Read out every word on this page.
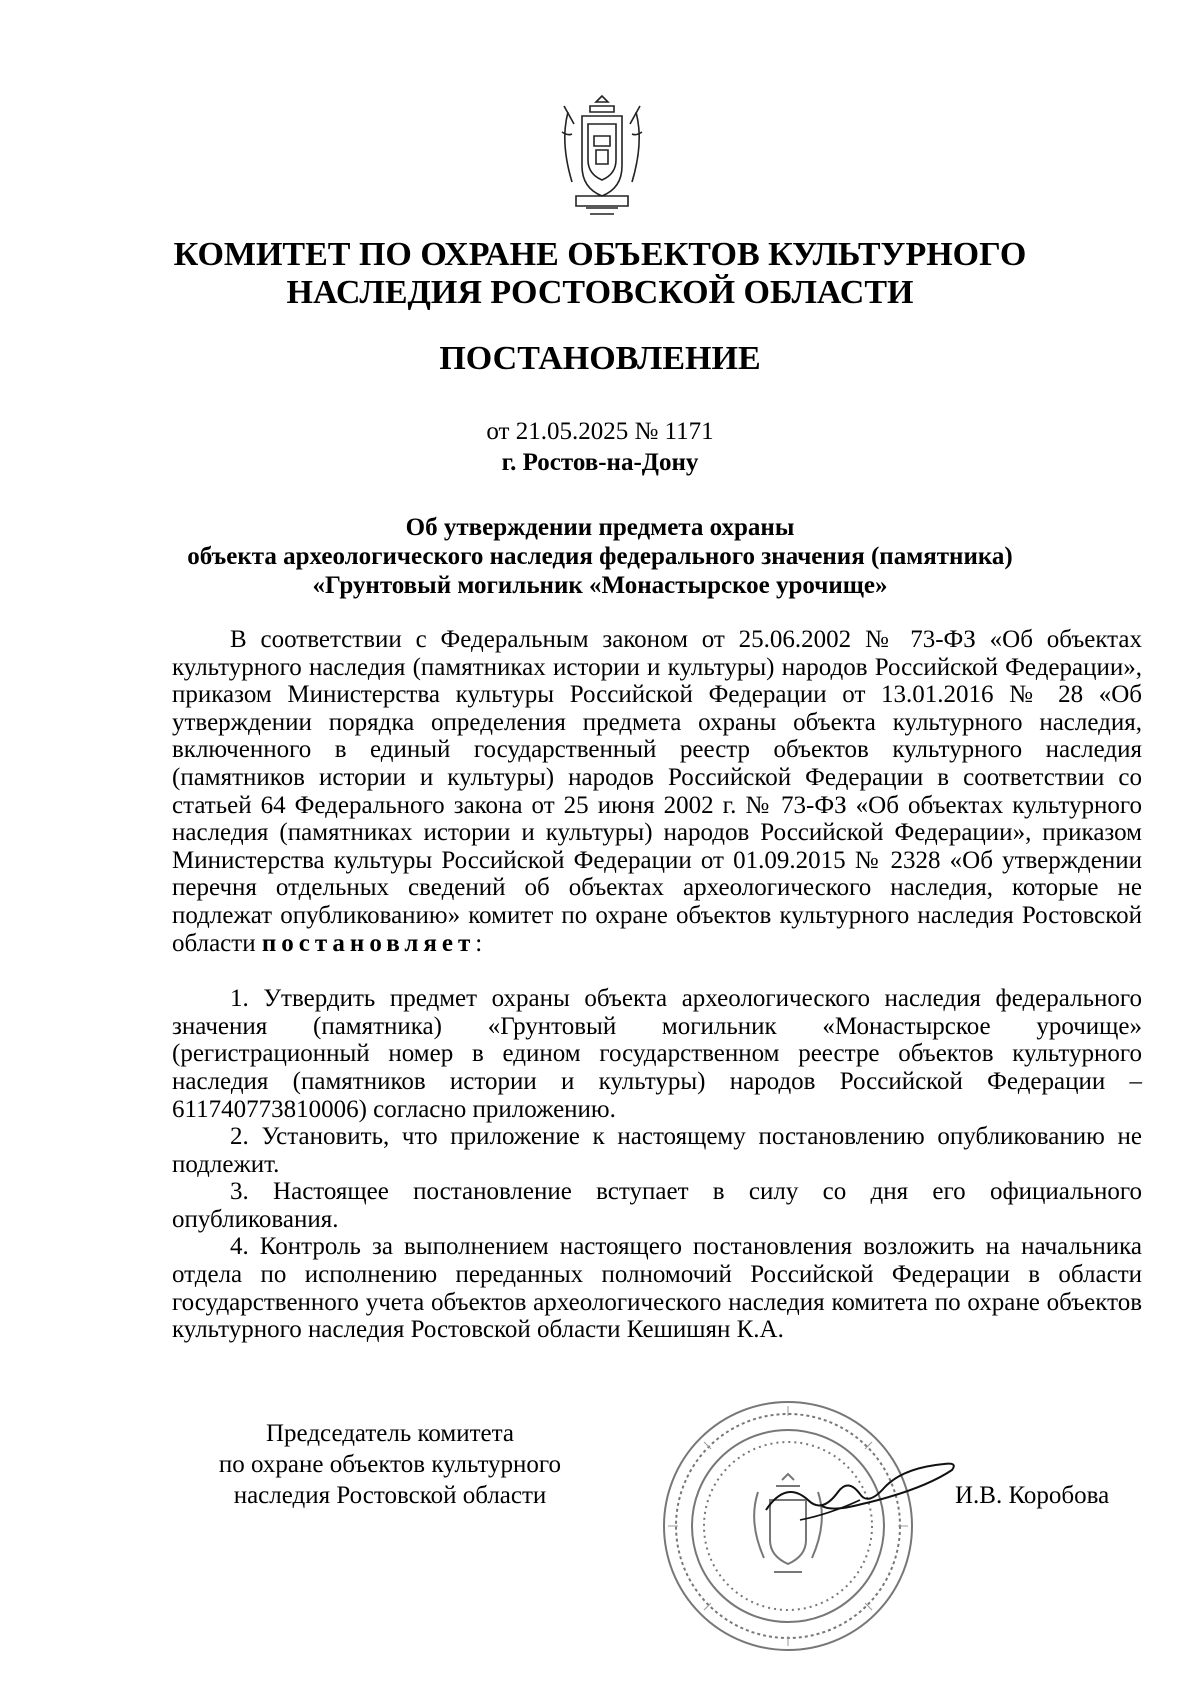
КОМИТЕТ ПО ОХРАНЕ ОБЪЕКТОВ КУЛЬТУРНОГО
НАСЛЕДИЯ РОСТОВСКОЙ ОБЛАСТИ
ПОСТАНОВЛЕНИЕ
от 21.05.2025 № 1171
г. Ростов-на-Дону
Об утверждении предмета охраны
объекта археологического наследия федерального значения (памятника)
«Грунтовый могильник «Монастырское урочище»

В соответствии с Федеральным законом от 25.06.2002 № 73-ФЗ «Об объектах культурного наследия (памятниках истории и культуры) народов Российской Федерации», приказом Министерства культуры Российской Федерации от 13.01.2016 № 28 «Об утверждении порядка определения предмета охраны объекта культурного наследия, включенного в единый государственный реестр объектов культурного наследия (памятников истории и культуры) народов Российской Федерации в соответствии со статьей 64 Федерального закона от 25 июня 2002 г. № 73-ФЗ «Об объектах культурного наследия (памятниках истории и культуры) народов Российской Федерации», приказом Министерства культуры Российской Федерации от 01.09.2015 № 2328 «Об утверждении перечня отдельных сведений об объектах археологического наследия, которые не подлежат опубликованию» комитет по охране объектов культурного наследия Ростовской области постановляет:

1. Утвердить предмет охраны объекта археологического наследия федерального значения (памятника) «Грунтовый могильник «Монастырское урочище» (регистрационный номер в едином государственном реестре объектов культурного наследия (памятников истории и культуры) народов Российской Федерации – 611740773810006) согласно приложению.

2. Установить, что приложение к настоящему постановлению опубликованию не подлежит.

3. Настоящее постановление вступает в силу со дня его официального опубликования.

4. Контроль за выполнением настоящего постановления возложить на начальника отдела по исполнению переданных полномочий Российской Федерации в области государственного учета объектов археологического наследия комитета по охране объектов культурного наследия Ростовской области Кешишян К.А.

Председатель комитета
по охране объектов культурного
наследия Ростовской области	И.В. Коробова
